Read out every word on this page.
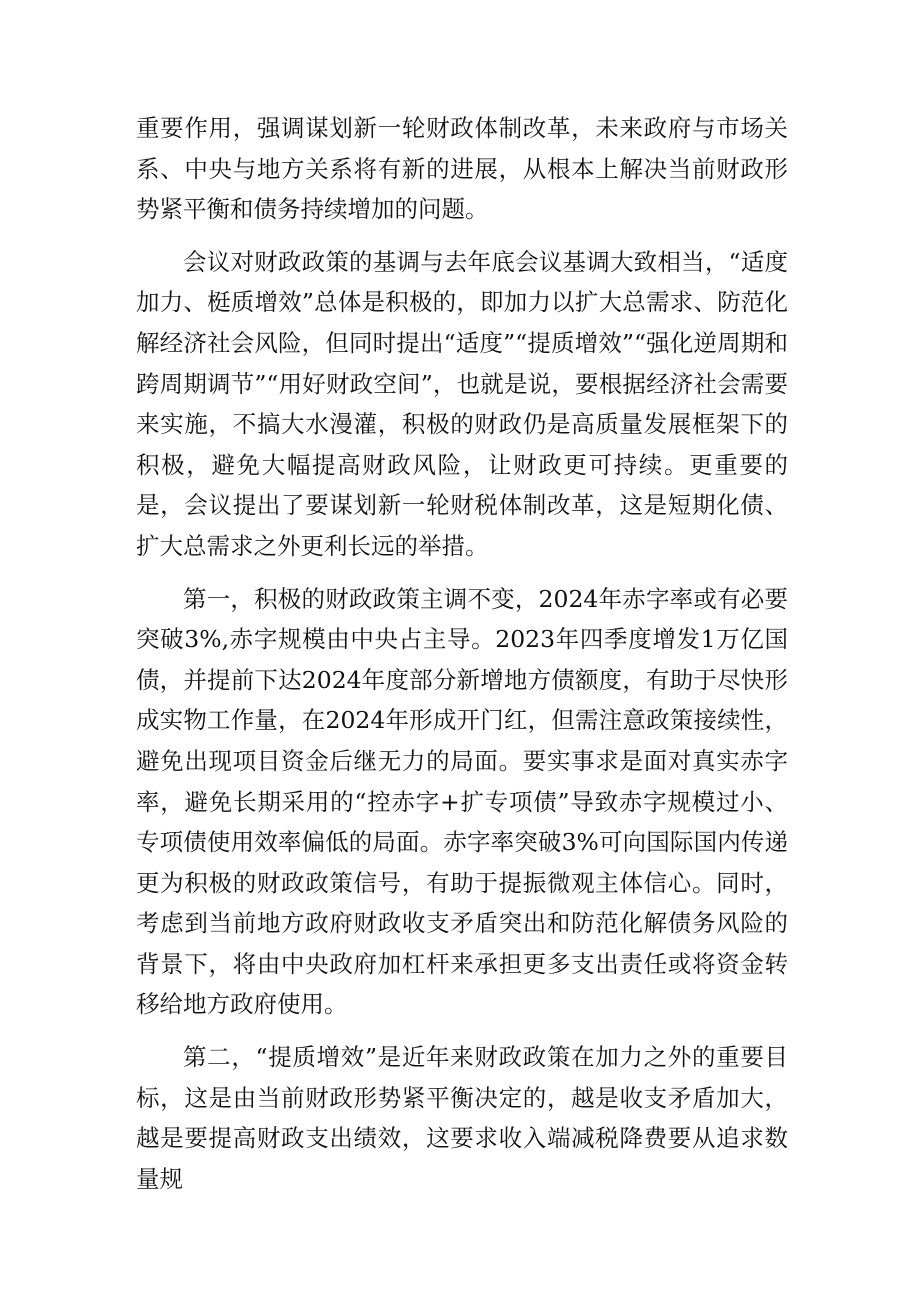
重要作用，强调谋划新一轮财政体制改革，未来政府与市场关系、中央与地方关系将有新的进展，从根本上解决当前财政形势紧平衡和债务持续增加的问题。

会议对财政政策的基调与去年底会议基调大致相当，“适度加力、梃质增效”总体是积极的，即加力以扩大总需求、防范化解经济社会风险，但同时提出“适度”“提质增效”“强化逆周期和跨周期调节”“用好财政空间”，也就是说，要根据经济社会需要来实施，不搞大水漫灌，积极的财政仍是高质量发展框架下的积极，避免大幅提高财政风险，让财政更可持续。更重要的是，会议提出了要谋划新一轮财税体制改革，这是短期化债、扩大总需求之外更利长远的举措。

第一，积极的财政政策主调不变，2024年赤字率或有必要突破3%,赤字规模由中央占主导。2023年四季度增发1万亿国债，并提前下达2024年度部分新增地方债额度，有助于尽快形成实物工作量，在2024年形成开门红，但需注意政策接续性，避免出现项目资金后继无力的局面。要实事求是面对真实赤字率，避免长期采用的“控赤字+扩专项债”导致赤字规模过小、专项债使用效率偏低的局面。赤字率突破3%可向国际国内传递更为积极的财政政策信号，有助于提振微观主体信心。同时，考虑到当前地方政府财政收支矛盾突出和防范化解债务风险的背景下，将由中央政府加杠杆来承担更多支出责任或将资金转移给地方政府使用。

第二，“提质增效”是近年来财政政策在加力之外的重要目标，这是由当前财政形势紧平衡决定的，越是收支矛盾加大，越是要提高财政支出绩效，这要求收入端减税降费要从追求数量规
